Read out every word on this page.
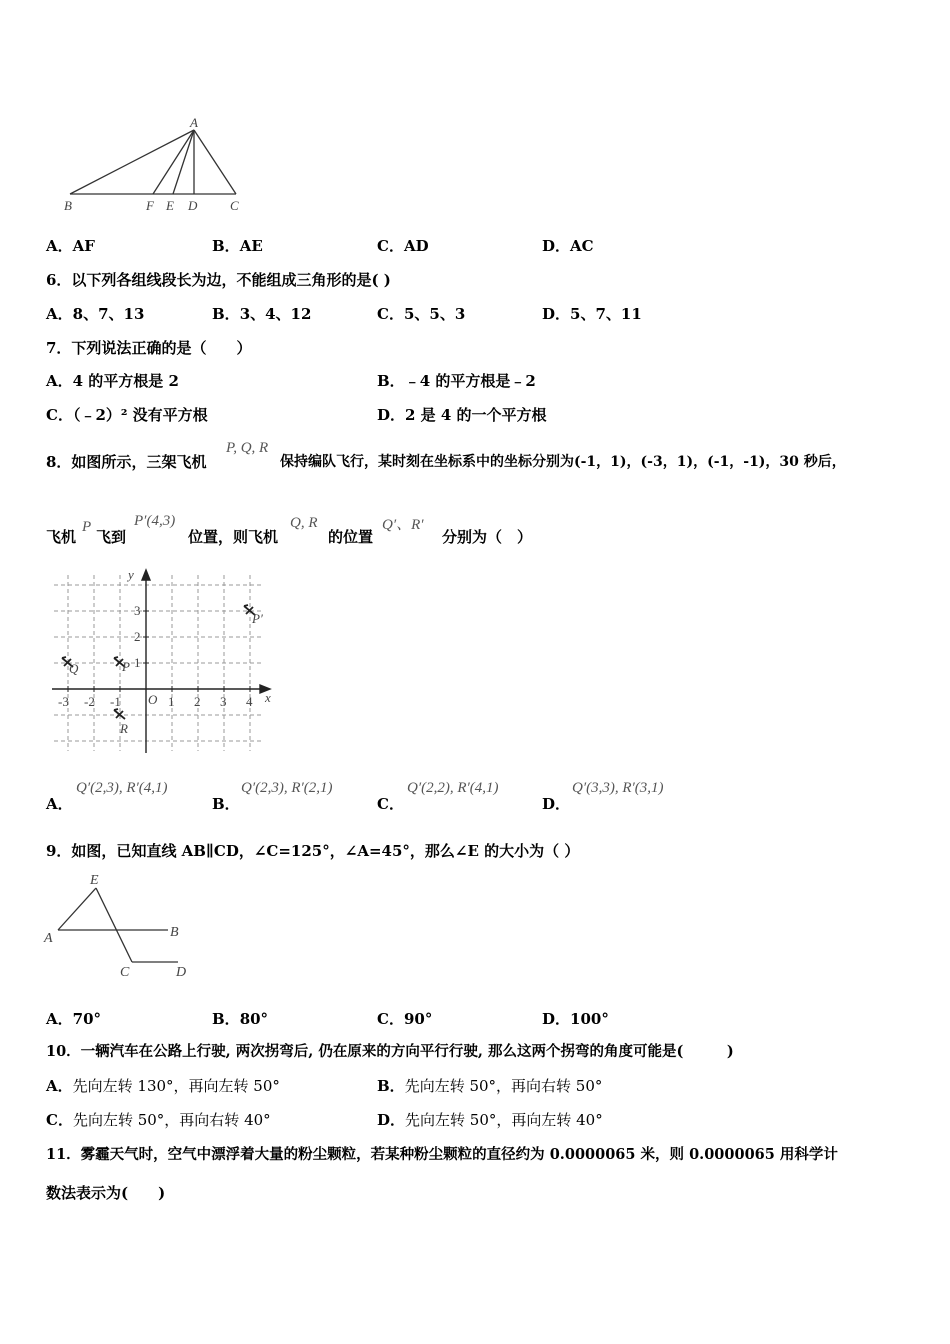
A
B	F E D	C
A．AF	B．AE	C．AD	D．AC
6．以下列各组线段长为边，不能组成三角形的是( )
A．8、7、13	B．3、4、12	C．5、5、3	D．5、7、11
7．下列说法正确的是（　　）
A．4 的平方根是 2	B．﹣4 的平方根是﹣2
C．（﹣2）² 没有平方根	D．2 是 4 的一个平方根
8．如图所示，三架飞机
P, Q, R
保持编队飞行，某时刻在坐标系中的坐标分别为(-1，1)，(-3，1)，(-1，-1)，30 秒后，
飞机
P
飞到
P′(4,3)
位置，则飞机
Q, R
的位置
Q′、R′
分别为（　）
x
y
O
-3 -2 -1	1 2 3 4
1
2
3
Q	P
R
P′
A．
Q′(2,3), R′(4,1)
B．
Q′(2,3), R′(2,1)
C．
Q′(2,2), R′(4,1)
D．
Q′(3,3), R′(3,1)
9．如图，已知直线 AB∥CD，∠C=125°，∠A=45°，那么∠E 的大小为（ ）
E
A	B
C	D
A．70°	B．80°	C．90°	D．100°
10．一辆汽车在公路上行驶, 两次拐弯后, 仍在原来的方向平行行驶, 那么这两个拐弯的角度可能是(　　　)
A．先向左转 130°，再向左转 50°	B．先向左转 50°，再向右转 50°
C．先向左转 50°，再向右转 40°	D．先向左转 50°，再向左转 40°
11．雾霾天气时，空气中漂浮着大量的粉尘颗粒，若某种粉尘颗粒的直径约为 0.0000065 米，则 0.0000065 用科学计
数法表示为(　　)
